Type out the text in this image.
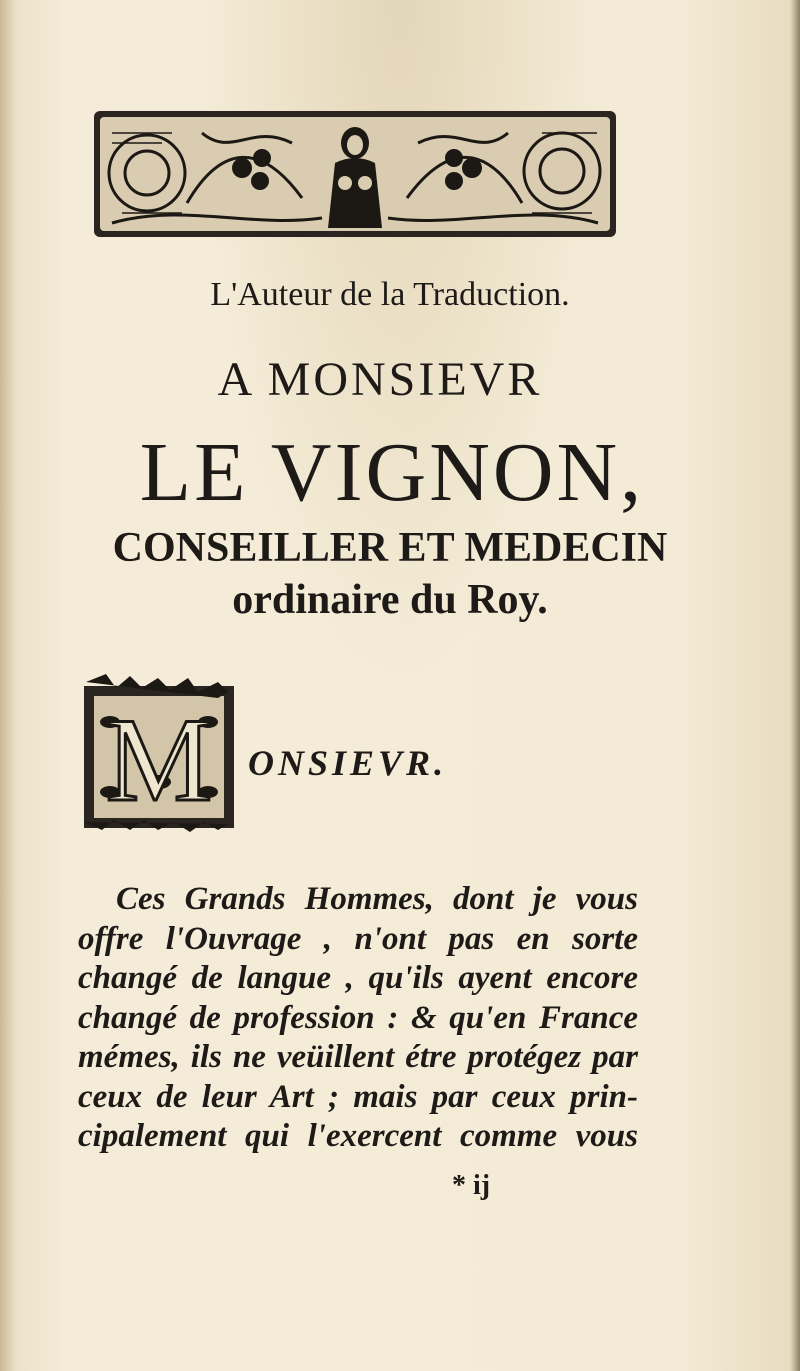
L'Auteur de la Traduction.
A MONSIEVR
LE VIGNON,
CONSEILLER ET MEDECIN
ordinaire du Roy.
M ONSIEVR.
Ces Grands Hommes, dont je vous
offre l'Ouvrage , n'ont pas en sorte
changé de langue , qu'ils ayent encore
changé de profession : & qu'en France
mémes, ils ne veüillent étre protégez par
ceux de leur Art ; mais par ceux prin-
cipalement qui l'exercent comme vous
* ij
